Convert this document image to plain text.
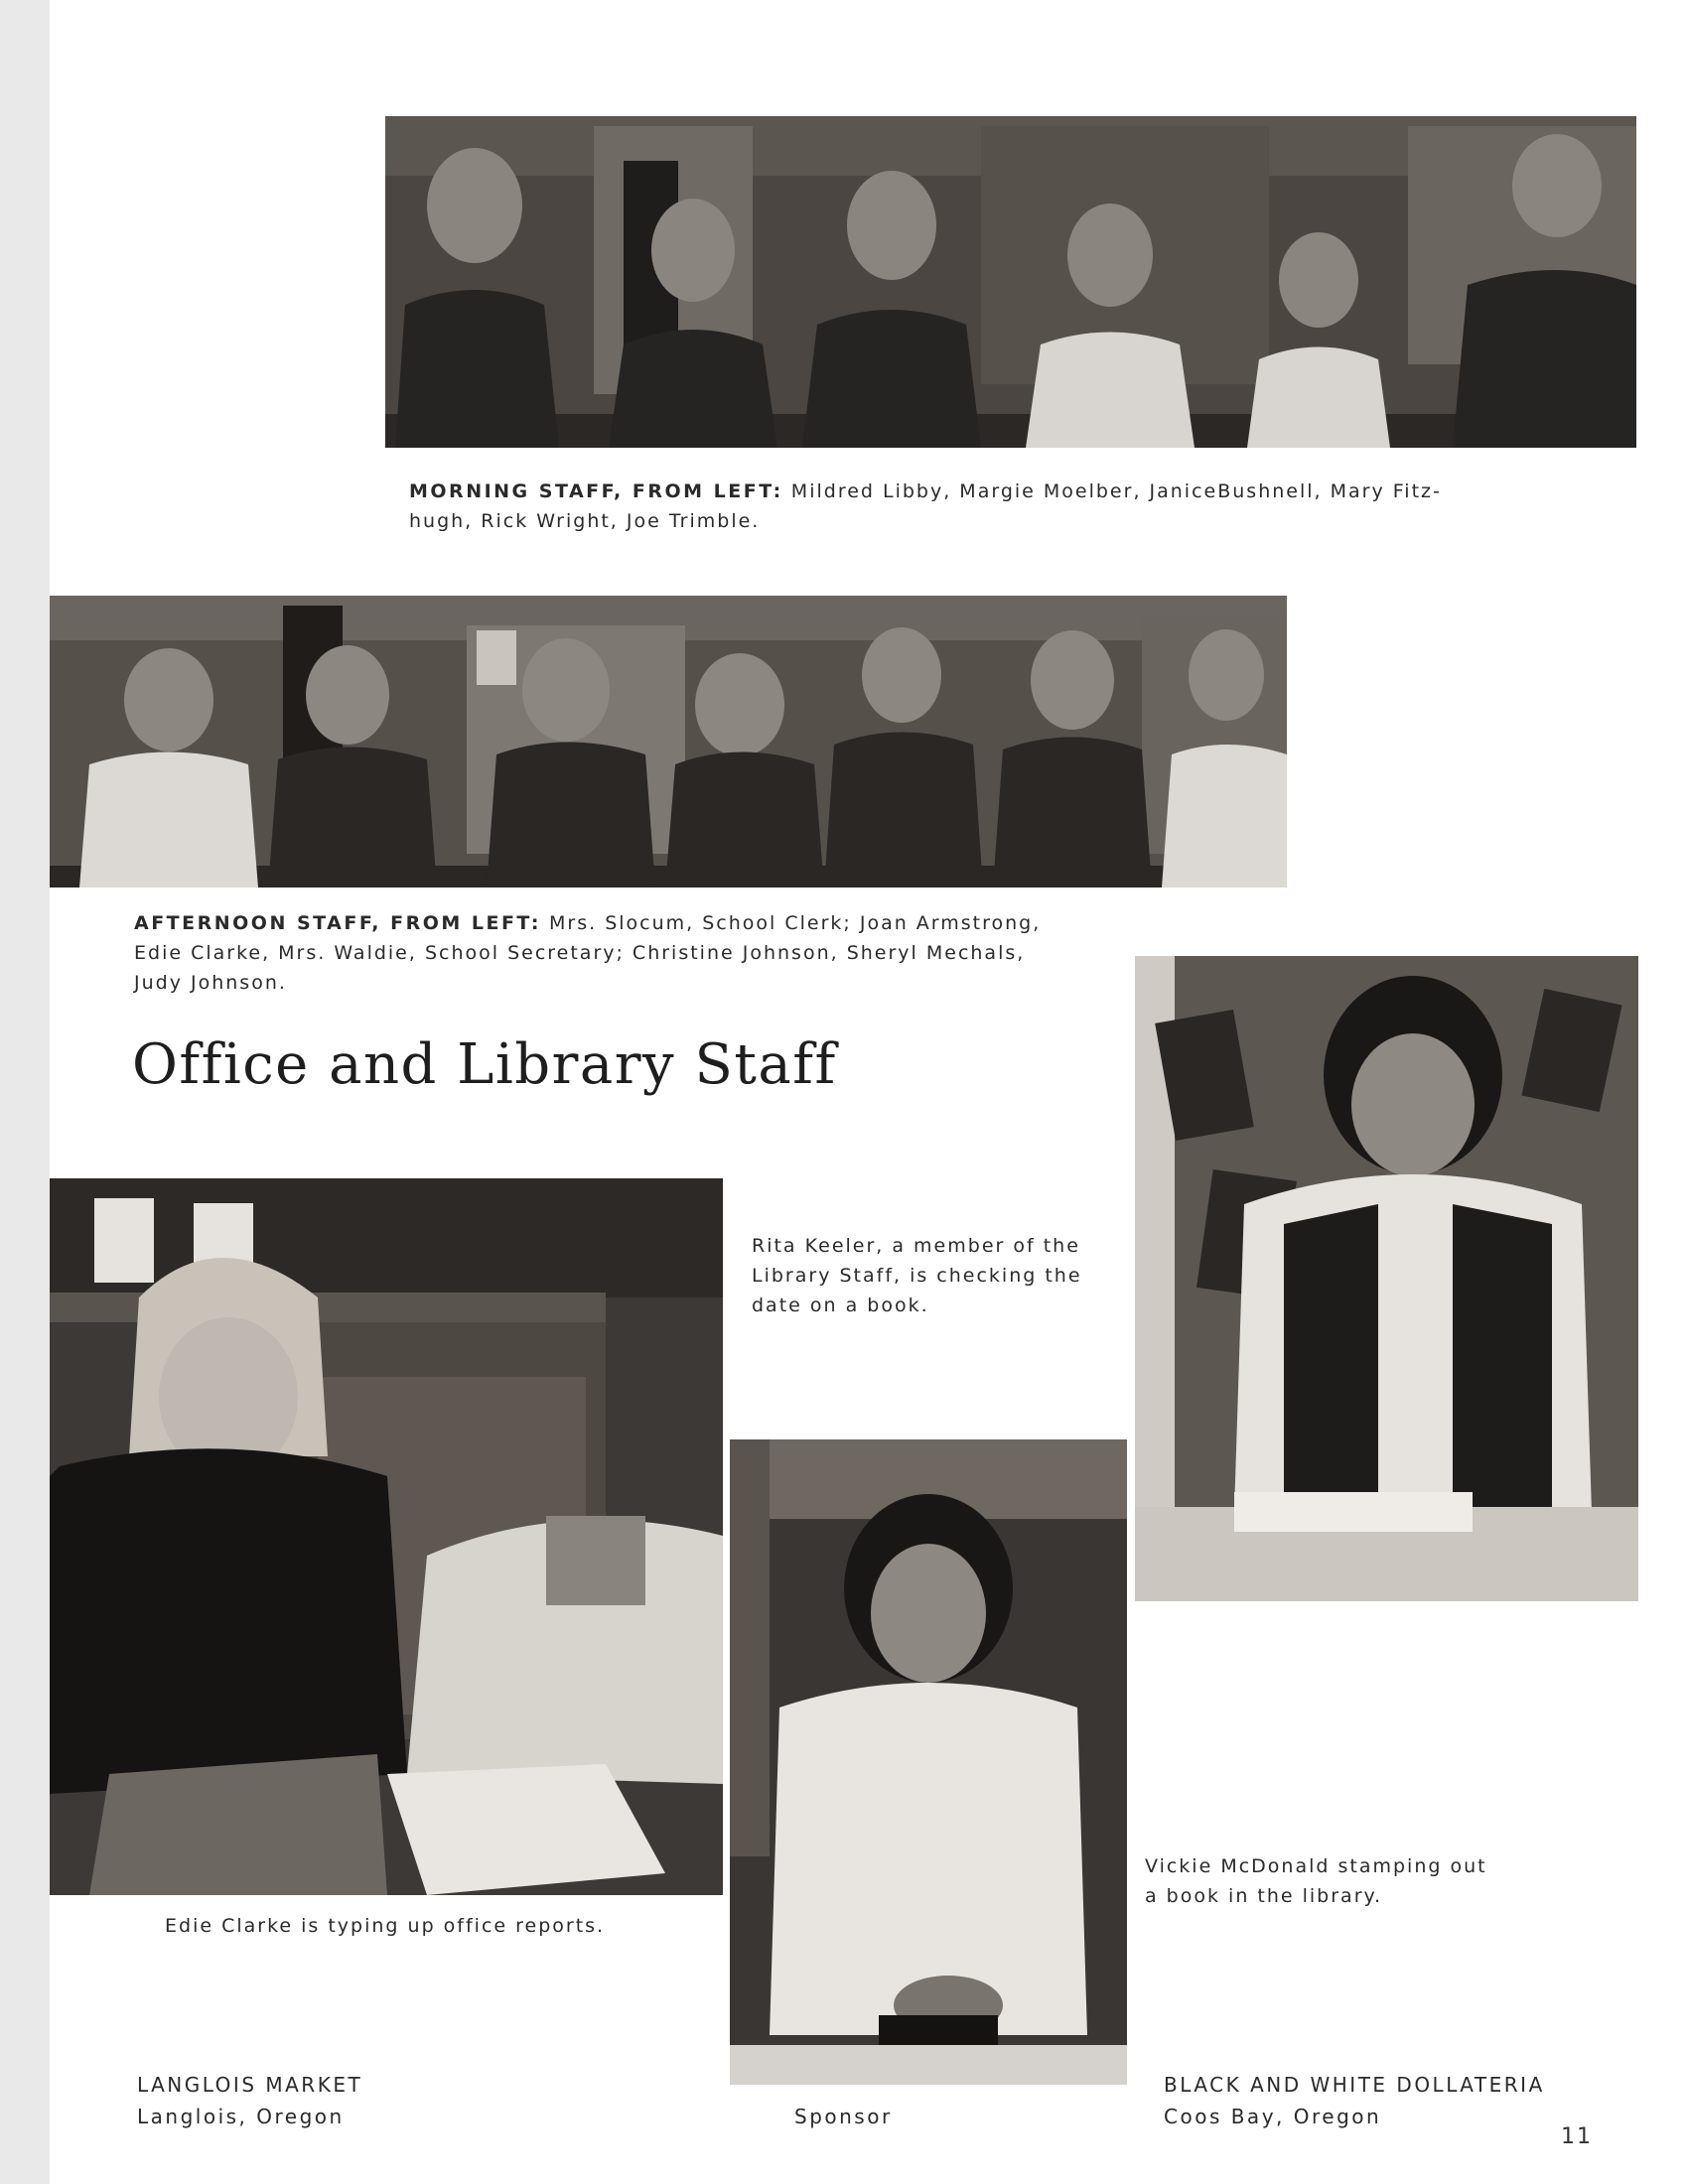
MORNING STAFF, FROM LEFT: Mildred Libby, Margie Moelber, JaniceBushnell, Mary Fitz-
hugh, Rick Wright, Joe Trimble.
AFTERNOON STAFF, FROM LEFT: Mrs. Slocum, School Clerk; Joan Armstrong,
Edie Clarke, Mrs. Waldie, School Secretary; Christine Johnson, Sheryl Mechals,
Judy Johnson.
Office and Library Staff
Edie Clarke is typing up office reports.
Rita Keeler, a member of the
Library Staff, is checking the
date on a book.
Vickie McDonald stamping out
a book in the library.
LANGLOIS MARKET
Langlois, Oregon	Sponsor
BLACK AND WHITE DOLLATERIA
Coos Bay, Oregon
11
